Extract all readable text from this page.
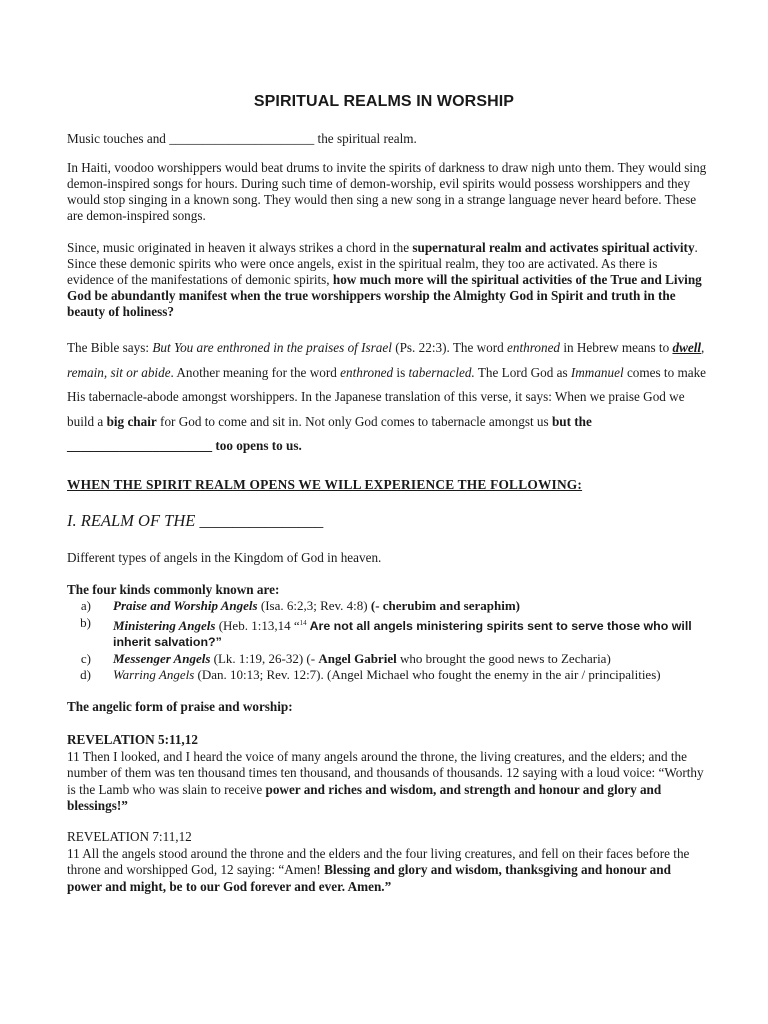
SPIRITUAL REALMS IN WORSHIP
Music touches and ______________________ the spiritual realm.
In Haiti, voodoo worshippers would beat drums to invite the spirits of darkness to draw nigh unto them. They would sing demon-inspired songs for hours. During such time of demon-worship, evil spirits would possess worshippers and they would stop singing in a known song. They would then sing a new song in a strange language never heard before. These are demon-inspired songs.
Since, music originated in heaven it always strikes a chord in the supernatural realm and activates spiritual activity. Since these demonic spirits who were once angels, exist in the spiritual realm, they too are activated. As there is evidence of the manifestations of demonic spirits, how much more will the spiritual activities of the True and Living God be abundantly manifest when the true worshippers worship the Almighty God in Spirit and truth in the beauty of holiness?
The Bible says: But You are enthroned in the praises of Israel (Ps. 22:3). The word enthroned in Hebrew means to dwell, remain, sit or abide. Another meaning for the word enthroned is tabernacled. The Lord God as Immanuel comes to make His tabernacle-abode amongst worshippers. In the Japanese translation of this verse, it says: When we praise God we build a big chair for God to come and sit in. Not only God comes to tabernacle amongst us but the ______________________ too opens to us.
WHEN THE SPIRIT REALM OPENS WE WILL EXPERIENCE THE FOLLOWING:
I. REALM OF THE _______________
Different types of angels in the Kingdom of God in heaven.
The four kinds commonly known are:
a)	Praise and Worship Angels (Isa. 6:2,3; Rev. 4:8) (- cherubim and seraphim)
b)	Ministering Angels (Heb. 1:13,14 “$^{14}$ Are not all angels ministering spirits sent to serve those who will inherit salvation?”
c)	Messenger Angels (Lk. 1:19, 26-32) (- Angel Gabriel who brought the good news to Zecharia)
d)	Warring Angels (Dan. 10:13; Rev. 12:7). (Angel Michael who fought the enemy in the air / principalities)
The angelic form of praise and worship:
REVELATION 5:11,12
11 Then I looked, and I heard the voice of many angels around the throne, the living creatures, and the elders; and the number of them was ten thousand times ten thousand, and thousands of thousands. 12 saying with a loud voice: “Worthy is the Lamb who was slain to receive power and riches and wisdom, and strength and honour and glory and blessings!”
REVELATION 7:11,12
11 All the angels stood around the throne and the elders and the four living creatures, and fell on their faces before the throne and worshipped God, 12 saying: “Amen! Blessing and glory and wisdom, thanksgiving and honour and power and might, be to our God forever and ever. Amen.”
